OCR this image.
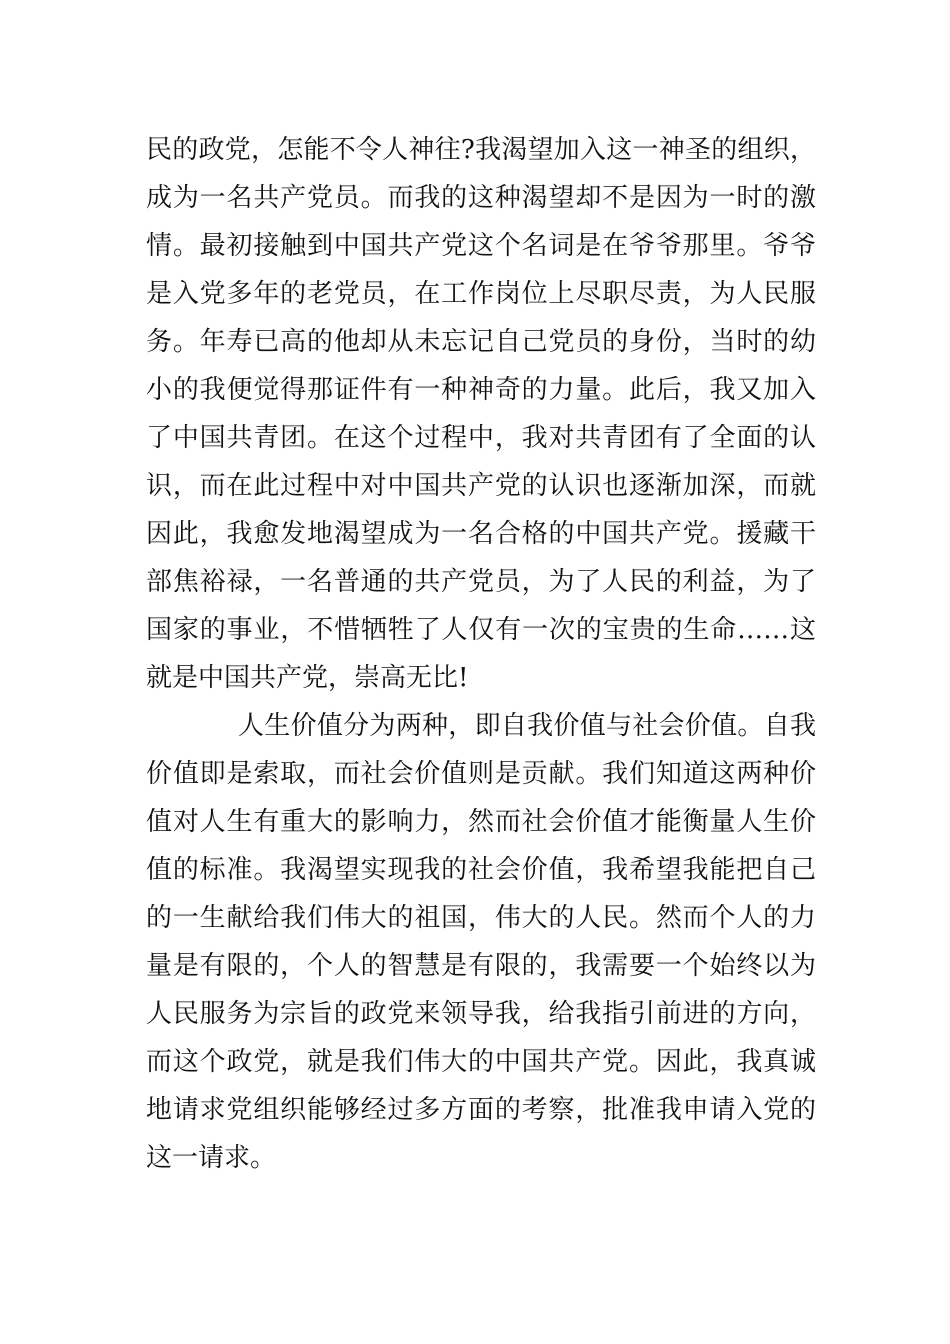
民的政党，怎能不令人神往?我渴望加入这一神圣的组织，
成为一名共产党员。而我的这种渴望却不是因为一时的激
情。最初接触到中国共产党这个名词是在爷爷那里。爷爷
是入党多年的老党员，在工作岗位上尽职尽责，为人民服
务。年寿已高的他却从未忘记自己党员的身份，当时的幼
小的我便觉得那证件有一种神奇的力量。此后，我又加入
了中国共青团。在这个过程中，我对共青团有了全面的认
识，而在此过程中对中国共产党的认识也逐渐加深，而就
因此，我愈发地渴望成为一名合格的中国共产党。援藏干
部焦裕禄，一名普通的共产党员，为了人民的利益，为了
国家的事业，不惜牺牲了人仅有一次的宝贵的生命……这
就是中国共产党，崇高无比!
人生价值分为两种，即自我价值与社会价值。自我
价值即是索取，而社会价值则是贡献。我们知道这两种价
值对人生有重大的影响力，然而社会价值才能衡量人生价
值的标准。我渴望实现我的社会价值，我希望我能把自己
的一生献给我们伟大的祖国，伟大的人民。然而个人的力
量是有限的，个人的智慧是有限的，我需要一个始终以为
人民服务为宗旨的政党来领导我，给我指引前进的方向，
而这个政党，就是我们伟大的中国共产党。因此，我真诚
地请求党组织能够经过多方面的考察，批准我申请入党的
这一请求。
